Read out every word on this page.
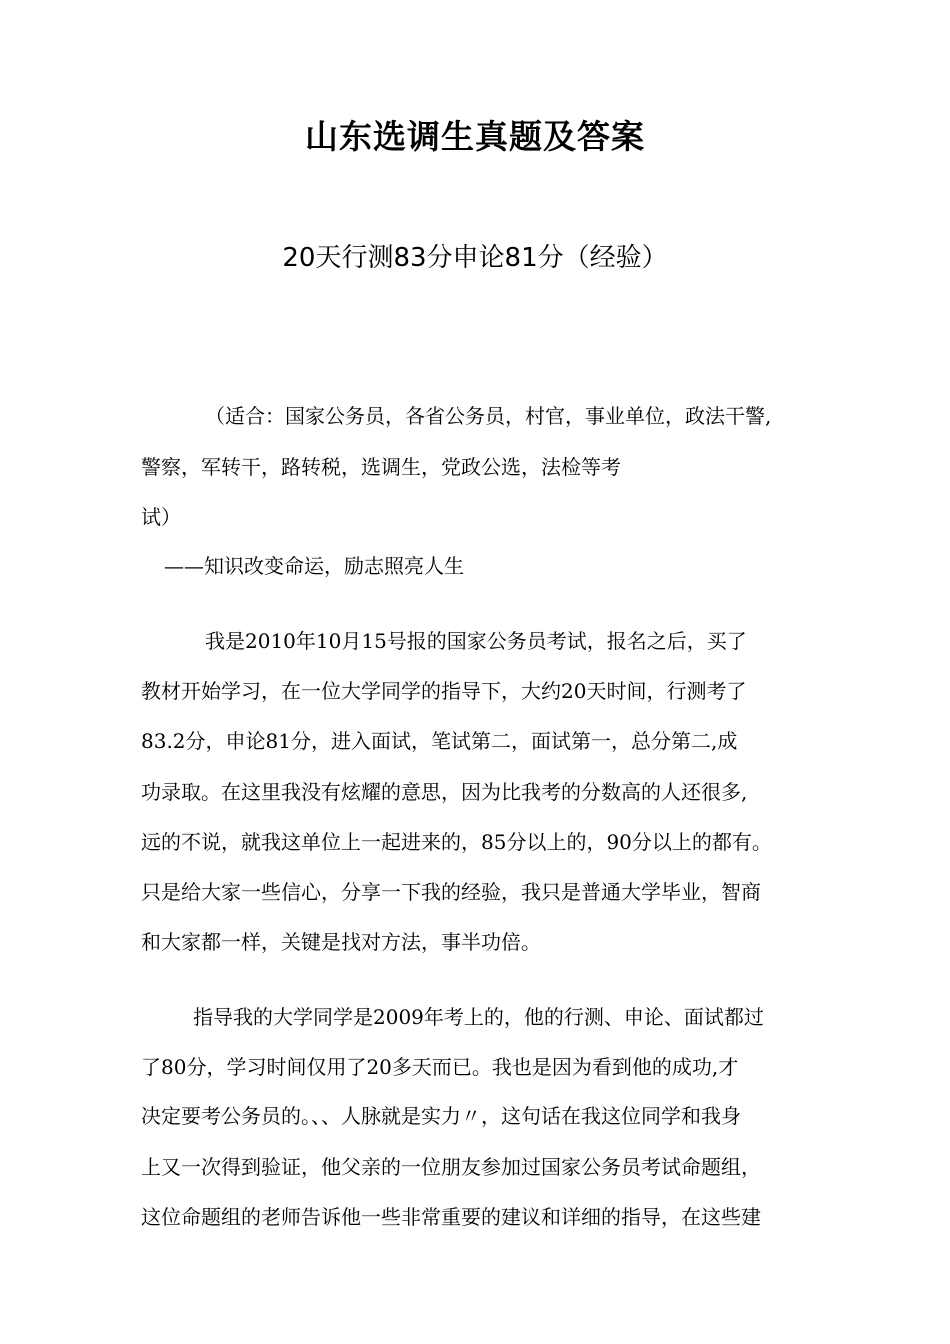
山东选调生真题及答案
20天行测83分申论81分（经验）
（适合：国家公务员，各省公务员，村官，事业单位，政法干警,
警察，军转干，路转税，选调生，党政公选，法检等考
试）
——知识改变命运，励志照亮人生
我是2010年10月15号报的国家公务员考试，报名之后，买了
教材开始学习，在一位大学同学的指导下，大约20天时间，行测考了
83.2分，申论81分，进入面试，笔试第二，面试第一，总分第二,成
功录取。在这里我没有炫耀的意思，因为比我考的分数高的人还很多,
远的不说，就我这单位上一起进来的，85分以上的，90分以上的都有。
只是给大家一些信心，分享一下我的经验，我只是普通大学毕业，智商
和大家都一样，关键是找对方法，事半功倍。
指导我的大学同学是2009年考上的，他的行测、申论、面试都过
了80分，学习时间仅用了20多天而已。我也是因为看到他的成功,才
决定要考公务员的。、、人脉就是实力〃，这句话在我这位同学和我身
上又一次得到验证，他父亲的一位朋友参加过国家公务员考试命题组，
这位命题组的老师告诉他一些非常重要的建议和详细的指导，在这些建
